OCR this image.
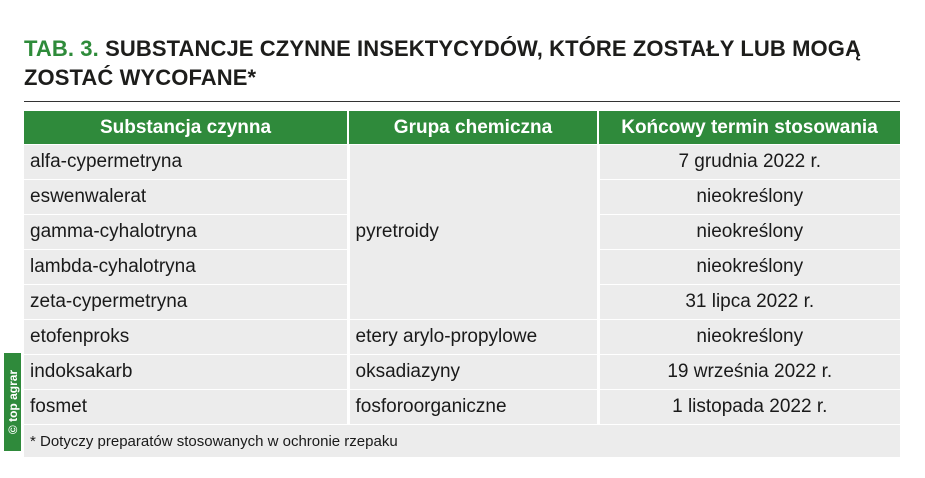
TAB. 3. SUBSTANCJE CZYNNE INSEKTYCYDÓW, KTÓRE ZOSTAŁY LUB MOGĄ
ZOSTAĆ WYCOFANE*
Substancja czynna	Grupa chemiczna	Końcowy termin stosowania
alfa-cypermetryna	pyretroidy	7 grudnia 2022 r.
eswenwalerat		nieokreślony
gamma-cyhalotryna		nieokreślony
lambda-cyhalotryna		nieokreślony
zeta-cypermetryna		31 lipca 2022 r.
etofenproks	etery arylo-propylowe	nieokreślony
indoksakarb	oksadiazyny	19 września 2022 r.
fosmet	fosforoorganiczne	1 listopada 2022 r.
* Dotyczy preparatów stosowanych w ochronie rzepaku		
© top agrar
